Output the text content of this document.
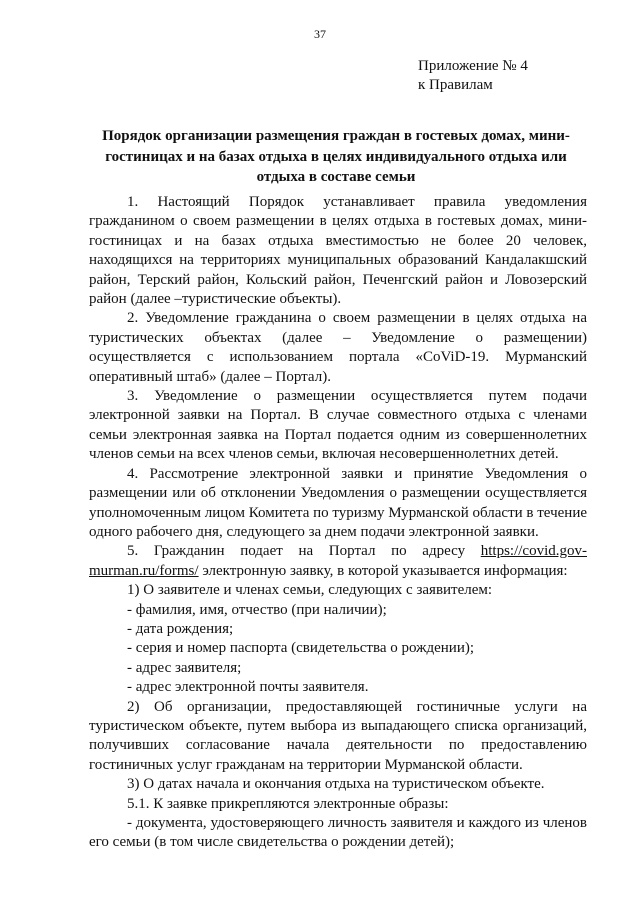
37
Приложение № 4
к Правилам
Порядок организации размещения граждан в гостевых домах, мини-гостиницах и на базах отдыха в целях индивидуального отдыха или отдыха в составе семьи

1. Настоящий Порядок устанавливает правила уведомления гражданином о своем размещении в целях отдыха в гостевых домах, мини-гостиницах и на базах отдыха вместимостью не более 20 человек, находящихся на территориях муниципальных образований Кандалакшский район, Терский район, Кольский район, Печенгский район и Ловозерский район (далее –туристические объекты).

2. Уведомление гражданина о своем размещении в целях отдыха на туристических объектах (далее – Уведомление о размещении) осуществляется с использованием портала «CoViD-19. Мурманский оперативный штаб» (далее – Портал).

3. Уведомление о размещении осуществляется путем подачи электронной заявки на Портал. В случае совместного отдыха с членами семьи электронная заявка на Портал подается одним из совершеннолетних членов семьи на всех членов семьи, включая несовершеннолетних детей.

4. Рассмотрение электронной заявки и принятие Уведомления о размещении или об отклонении Уведомления о размещении осуществляется уполномоченным лицом Комитета по туризму Мурманской области в течение одного рабочего дня, следующего за днем подачи электронной заявки.

5. Гражданин подает на Портал по адресу https://covid.gov-murman.ru/forms/ электронную заявку, в которой указывается информация:

1) О заявителе и членах семьи, следующих с заявителем:

- фамилия, имя, отчество (при наличии);

- дата рождения;

- серия и номер паспорта (свидетельства о рождении);

- адрес заявителя;

- адрес электронной почты заявителя.

2) Об организации, предоставляющей гостиничные услуги на туристическом объекте, путем выбора из выпадающего списка организаций, получивших согласование начала деятельности по предоставлению гостиничных услуг гражданам на территории Мурманской области.

3) О датах начала и окончания отдыха на туристическом объекте.

5.1. К заявке прикрепляются электронные образы:

- документа, удостоверяющего личность заявителя и каждого из членов его семьи (в том числе свидетельства о рождении детей);
